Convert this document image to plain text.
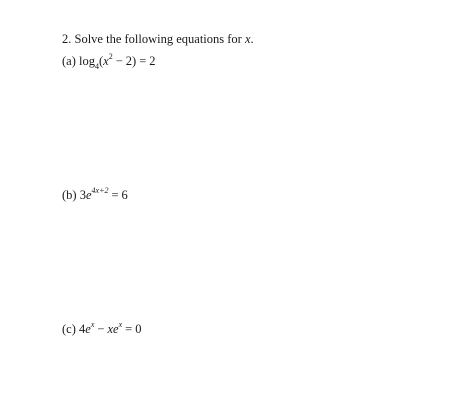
2. Solve the following equations for x.
(a) $\log_4(x^2 - 2) = 2$
(b) $3e^{4x+2} = 6$
(c) $4e^x - xe^x = 0$
